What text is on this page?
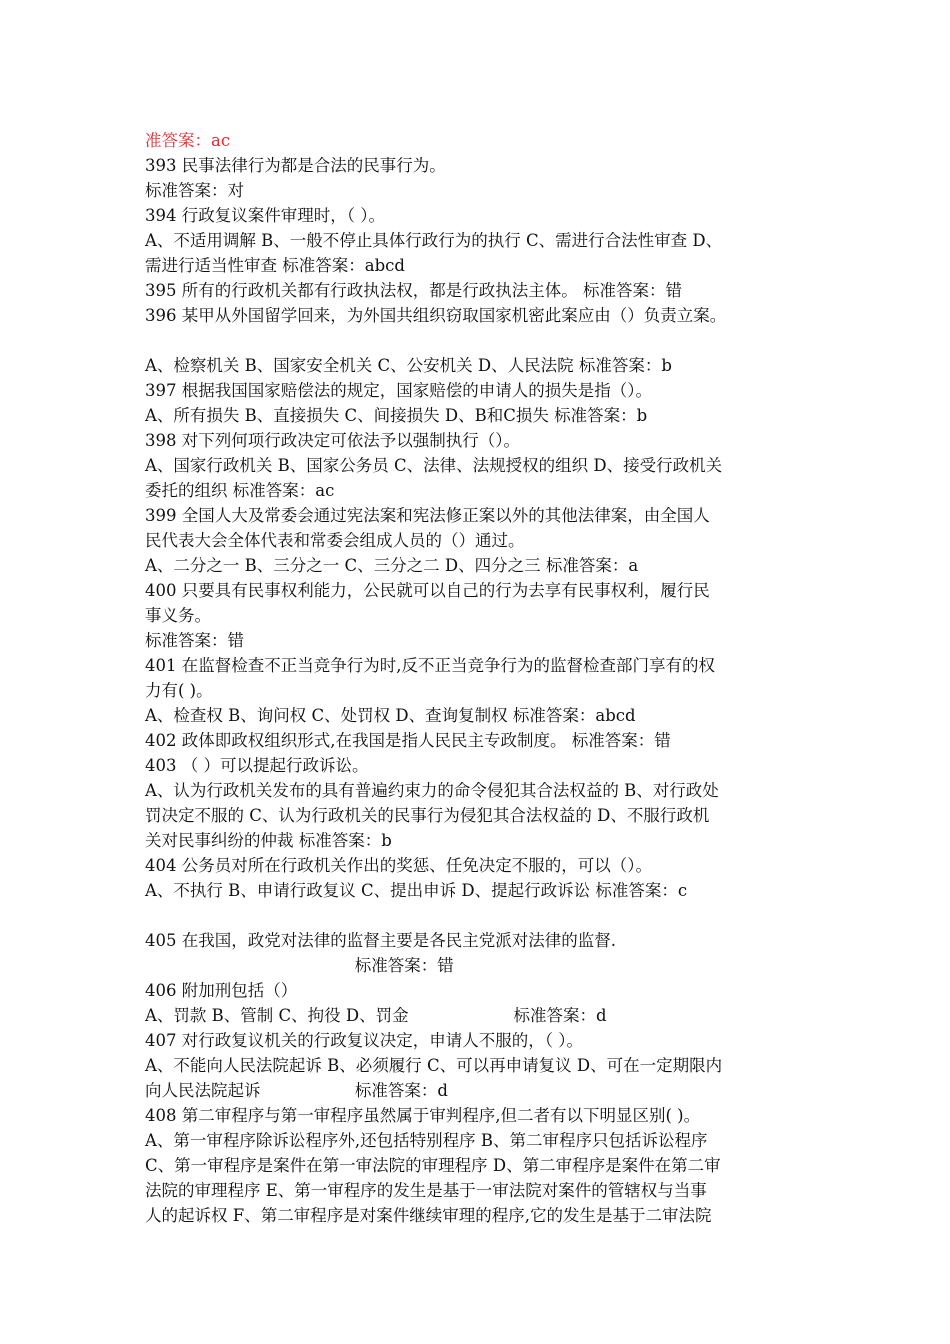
准答案：ac
393 民事法律行为都是合法的民事行为。
标准答案：对
394 行政复议案件审理时，（ ）。
A、不适用调解 B、一般不停止具体行政行为的执行 C、需进行合法性审查 D、
需进行适当性审查 标准答案：abcd
395 所有的行政机关都有行政执法权，都是行政执法主体。 标准答案：错
396 某甲从外国留学回来，为外国共组织窃取国家机密此案应由（）负责立案。
A、检察机关 B、国家安全机关 C、公安机关 D、人民法院 标准答案：b
397 根据我国国家赔偿法的规定，国家赔偿的申请人的损失是指（）。
A、所有损失 B、直接损失 C、间接损失 D、B和C损失 标准答案：b
398 对下列何项行政决定可依法予以强制执行（）。
A、国家行政机关 B、国家公务员 C、法律、法规授权的组织 D、接受行政机关
委托的组织 标准答案：ac
399 全国人大及常委会通过宪法案和宪法修正案以外的其他法律案，由全国人
民代表大会全体代表和常委会组成人员的（）通过。
A、二分之一 B、三分之一 C、三分之二 D、四分之三 标准答案：a
400 只要具有民事权利能力，公民就可以自己的行为去享有民事权利，履行民
事义务。
标准答案：错
401 在监督检查不正当竞争行为时,反不正当竞争行为的监督检查部门享有的权
力有( )。
A、检查权 B、询问权 C、处罚权 D、查询复制权 标准答案：abcd
402 政体即政权组织形式,在我国是指人民民主专政制度。 标准答案：错
403 （ ）可以提起行政诉讼。
A、认为行政机关发布的具有普遍约束力的命令侵犯其合法权益的 B、对行政处
罚决定不服的 C、认为行政机关的民事行为侵犯其合法权益的 D、不服行政机
关对民事纠纷的仲裁 标准答案：b
404 公务员对所在行政机关作出的奖惩、任免决定不服的，可以（）。
A、不执行 B、申请行政复议 C、提出申诉 D、提起行政诉讼 标准答案：c
405 在我国，政党对法律的监督主要是各民主党派对法律的监督.
标准答案：错
406 附加刑包括（）
A、罚款 B、管制 C、拘役 D、罚金                    标准答案：d
407 对行政复议机关的行政复议决定，申请人不服的，（ ）。
A、不能向人民法院起诉 B、必须履行 C、可以再申请复议 D、可在一定期限内
向人民法院起诉                  标准答案：d
408 第二审程序与第一审程序虽然属于审判程序,但二者有以下明显区别( )。
A、第一审程序除诉讼程序外,还包括特别程序 B、第二审程序只包括诉讼程序
C、第一审程序是案件在第一审法院的审理程序 D、第二审程序是案件在第二审
法院的审理程序 E、第一审程序的发生是基于一审法院对案件的管辖权与当事
人的起诉权 F、第二审程序是对案件继续审理的程序,它的发生是基于二审法院
